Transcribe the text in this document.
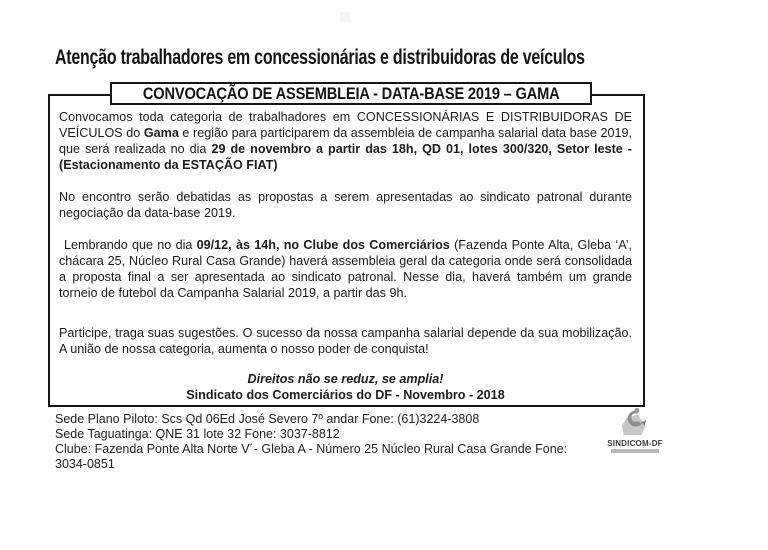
Atenção trabalhadores em concessionárias e distribuidoras de veículos
CONVOCAÇÃO DE ASSEMBLEIA - DATA-BASE 2019 – GAMA

Convocamos toda categoria de trabalhadores em CONCESSIONÁRIAS E DISTRIBUIDORAS DE VEÍCULOS do Gama e região para participarem da assembleia de campanha salarial data base 2019, que será realizada no dia 29 de novembro a partir das 18h, QD 01, lotes 300/320, Setor leste - (Estacionamento da ESTAÇÃO FIAT)

No encontro serão debatidas as propostas a serem apresentadas ao sindicato patronal durante negociação da data-base 2019.

Lembrando que no dia 09/12, às 14h, no Clube dos Comerciários (Fazenda Ponte Alta, Gleba ‘A’, chácara 25, Núcleo Rural Casa Grande) haverá assembleia geral da categoria onde será consolidada a proposta final a ser apresentada ao sindicato patronal. Nesse dia, haverá também um grande torneio de futebol da Campanha Salarial 2019, a partir das 9h.

Participe, traga suas sugestões. O sucesso da nossa campanha salarial depende da sua mobilização. A união de nossa categoria, aumenta o nosso poder de conquista!

Direitos não se reduz, se amplia!

Sindicato dos Comerciários do DF - Novembro - 2018

Sede Plano Piloto: Scs Qd 06Ed José Severo 7º andar Fone: (61)3224-3808
Sede Taguatinga: QNE 31 lote 32 Fone: 3037-8812
Clube: Fazenda Ponte Alta Norte V´- Gleba A - Número 25 Núcleo Rural Casa Grande Fone: 3034-0851
SINDICOM-DF
